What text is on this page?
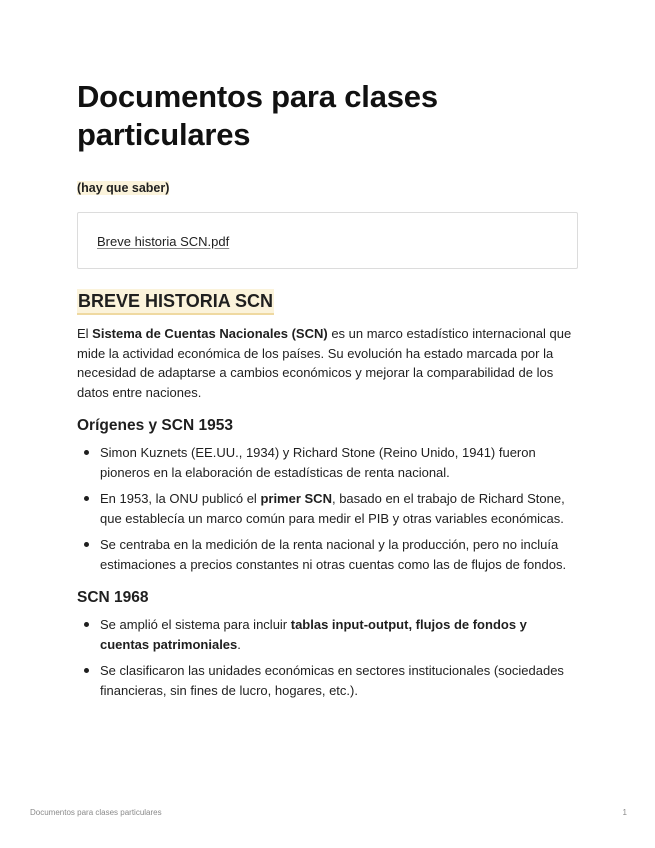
Documentos para clases particulares
(hay que saber)
Breve historia SCN.pdf
BREVE HISTORIA SCN

El Sistema de Cuentas Nacionales (SCN) es un marco estadístico internacional que mide la actividad económica de los países. Su evolución ha estado marcada por la necesidad de adaptarse a cambios económicos y mejorar la comparabilidad de los datos entre naciones.

Orígenes y SCN 1953
Simon Kuznets (EE.UU., 1934) y Richard Stone (Reino Unido, 1941) fueron pioneros en la elaboración de estadísticas de renta nacional.
En 1953, la ONU publicó el primer SCN, basado en el trabajo de Richard Stone, que establecía un marco común para medir el PIB y otras variables económicas.
Se centraba en la medición de la renta nacional y la producción, pero no incluía estimaciones a precios constantes ni otras cuentas como las de flujos de fondos.
SCN 1968
Se amplió el sistema para incluir tablas input-output, flujos de fondos y cuentas patrimoniales.
Se clasificaron las unidades económicas en sectores institucionales (sociedades financieras, sin fines de lucro, hogares, etc.).
Documentos para clases particulares	1
